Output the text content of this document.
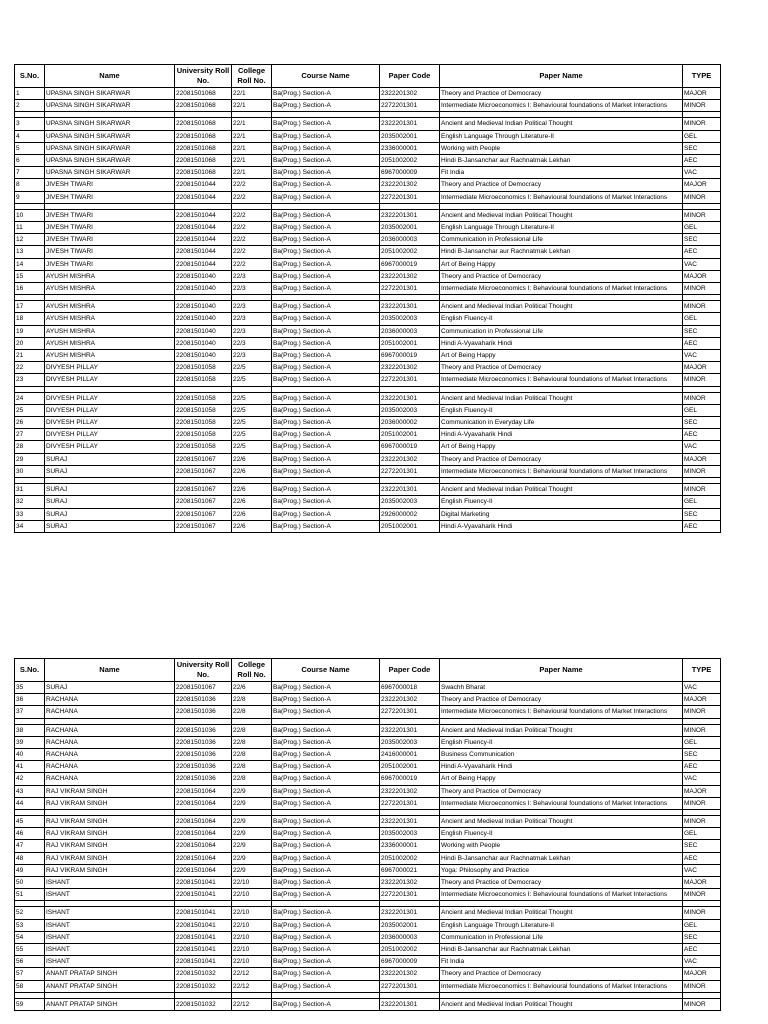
S.No.	Name	University Roll No.	College Roll No.	Course Name	Paper Code	Paper Name	TYPE
1	UPASNA SINGH SIKARWAR	22081501068	22/1	Ba(Prog.) Section-A	2322201302	Theory and Practice of Democracy	MAJOR
2	UPASNA SINGH SIKARWAR	22081501068	22/1	Ba(Prog.) Section-A	2272201301	Intermediate Microeconomics I: Behavioural foundations of Market Interactions	MINOR

3	UPASNA SINGH SIKARWAR	22081501068	22/1	Ba(Prog.) Section-A	2322201301	Ancient and Medieval Indian Political Thought	MINOR
4	UPASNA SINGH SIKARWAR	22081501068	22/1	Ba(Prog.) Section-A	2035002001	English Language Through Literature-II	GEL
5	UPASNA SINGH SIKARWAR	22081501068	22/1	Ba(Prog.) Section-A	2336000001	Working with People	SEC
6	UPASNA SINGH SIKARWAR	22081501068	22/1	Ba(Prog.) Section-A	2051002002	Hindi B-Jansanchar aur Rachnatmak Lekhan	AEC
7	UPASNA SINGH SIKARWAR	22081501068	22/1	Ba(Prog.) Section-A	6967000009	Fit India	VAC
8	JIVESH TIWARI	22081501044	22/2	Ba(Prog.) Section-A	2322201302	Theory and Practice of Democracy	MAJOR
9	JIVESH TIWARI	22081501044	22/2	Ba(Prog.) Section-A	2272201301	Intermediate Microeconomics I: Behavioural foundations of Market Interactions	MINOR

10	JIVESH TIWARI	22081501044	22/2	Ba(Prog.) Section-A	2322201301	Ancient and Medieval Indian Political Thought	MINOR
11	JIVESH TIWARI	22081501044	22/2	Ba(Prog.) Section-A	2035002001	English Language Through Literature-II	GEL
12	JIVESH TIWARI	22081501044	22/2	Ba(Prog.) Section-A	2036000003	Communication in Professional Life	SEC
13	JIVESH TIWARI	22081501044	22/2	Ba(Prog.) Section-A	2051002002	Hindi B-Jansanchar aur Rachnatmak Lekhan	AEC
14	JIVESH TIWARI	22081501044	22/2	Ba(Prog.) Section-A	6967000019	Art of Being Happy	VAC
15	AYUSH MISHRA	22081501040	22/3	Ba(Prog.) Section-A	2322201302	Theory and Practice of Democracy	MAJOR
16	AYUSH MISHRA	22081501040	22/3	Ba(Prog.) Section-A	2272201301	Intermediate Microeconomics I: Behavioural foundations of Market Interactions	MINOR

17	AYUSH MISHRA	22081501040	22/3	Ba(Prog.) Section-A	2322201301	Ancient and Medieval Indian Political Thought	MINOR
18	AYUSH MISHRA	22081501040	22/3	Ba(Prog.) Section-A	2035002003	English Fluency-II	GEL
19	AYUSH MISHRA	22081501040	22/3	Ba(Prog.) Section-A	2036000003	Communication in Professional Life	SEC
20	AYUSH MISHRA	22081501040	22/3	Ba(Prog.) Section-A	2051002001	Hindi A-Vyavaharik Hindi	AEC
21	AYUSH MISHRA	22081501040	22/3	Ba(Prog.) Section-A	6967000019	Art of Being Happy	VAC
22	DIVYESH PILLAY	22081501058	22/5	Ba(Prog.) Section-A	2322201302	Theory and Practice of Democracy	MAJOR
23	DIVYESH PILLAY	22081501058	22/5	Ba(Prog.) Section-A	2272201301	Intermediate Microeconomics I: Behavioural foundations of Market Interactions	MINOR

24	DIVYESH PILLAY	22081501058	22/5	Ba(Prog.) Section-A	2322201301	Ancient and Medieval Indian Political Thought	MINOR
25	DIVYESH PILLAY	22081501058	22/5	Ba(Prog.) Section-A	2035002003	English Fluency-II	GEL
26	DIVYESH PILLAY	22081501058	22/5	Ba(Prog.) Section-A	2036000002	Communication in Everyday Life	SEC
27	DIVYESH PILLAY	22081501058	22/5	Ba(Prog.) Section-A	2051002001	Hindi A-Vyavaharik Hindi	AEC
28	DIVYESH PILLAY	22081501058	22/5	Ba(Prog.) Section-A	6967000019	Art of Being Happy	VAC
29	SURAJ	22081501067	22/6	Ba(Prog.) Section-A	2322201302	Theory and Practice of Democracy	MAJOR
30	SURAJ	22081501067	22/6	Ba(Prog.) Section-A	2272201301	Intermediate Microeconomics I: Behavioural foundations of Market Interactions	MINOR

31	SURAJ	22081501067	22/6	Ba(Prog.) Section-A	2322201301	Ancient and Medieval Indian Political Thought	MINOR
32	SURAJ	22081501067	22/6	Ba(Prog.) Section-A	2035002003	English Fluency-II	GEL
33	SURAJ	22081501067	22/6	Ba(Prog.) Section-A	2926000002	Digital Marketing	SEC
34	SURAJ	22081501067	22/6	Ba(Prog.) Section-A	2051002001	Hindi A-Vyavaharik Hindi	AEC
S.No.	Name	University Roll No.	College Roll No.	Course Name	Paper Code	Paper Name	TYPE
35	SURAJ	22081501067	22/6	Ba(Prog.) Section-A	6967000018	Swachh Bharat	VAC
36	RACHANA	22081501036	22/8	Ba(Prog.) Section-A	2322201302	Theory and Practice of Democracy	MAJOR
37	RACHANA	22081501036	22/8	Ba(Prog.) Section-A	2272201301	Intermediate Microeconomics I: Behavioural foundations of Market Interactions	MINOR

38	RACHANA	22081501036	22/8	Ba(Prog.) Section-A	2322201301	Ancient and Medieval Indian Political Thought	MINOR
39	RACHANA	22081501036	22/8	Ba(Prog.) Section-A	2035002003	English Fluency-II	GEL
40	RACHANA	22081501036	22/8	Ba(Prog.) Section-A	2416000001	Business Communication	SEC
41	RACHANA	22081501036	22/8	Ba(Prog.) Section-A	2051002001	Hindi A-Vyavaharik Hindi	AEC
42	RACHANA	22081501036	22/8	Ba(Prog.) Section-A	6967000019	Art of Being Happy	VAC
43	RAJ VIKRAM SINGH	22081501064	22/9	Ba(Prog.) Section-A	2322201302	Theory and Practice of Democracy	MAJOR
44	RAJ VIKRAM SINGH	22081501064	22/9	Ba(Prog.) Section-A	2272201301	Intermediate Microeconomics I: Behavioural foundations of Market Interactions	MINOR

45	RAJ VIKRAM SINGH	22081501064	22/9	Ba(Prog.) Section-A	2322201301	Ancient and Medieval Indian Political Thought	MINOR
46	RAJ VIKRAM SINGH	22081501064	22/9	Ba(Prog.) Section-A	2035002003	English Fluency-II	GEL
47	RAJ VIKRAM SINGH	22081501064	22/9	Ba(Prog.) Section-A	2336000001	Working with People	SEC
48	RAJ VIKRAM SINGH	22081501064	22/9	Ba(Prog.) Section-A	2051002002	Hindi B-Jansanchar aur Rachnatmak Lekhan	AEC
49	RAJ VIKRAM SINGH	22081501064	22/9	Ba(Prog.) Section-A	6967000021	Yoga: Philosophy and Practice	VAC
50	ISHANT	22081501041	22/10	Ba(Prog.) Section-A	2322201302	Theory and Practice of Democracy	MAJOR
51	ISHANT	22081501041	22/10	Ba(Prog.) Section-A	2272201301	Intermediate Microeconomics I: Behavioural foundations of Market Interactions	MINOR

52	ISHANT	22081501041	22/10	Ba(Prog.) Section-A	2322201301	Ancient and Medieval Indian Political Thought	MINOR
53	ISHANT	22081501041	22/10	Ba(Prog.) Section-A	2035002001	English Language Through Literature-II	GEL
54	ISHANT	22081501041	22/10	Ba(Prog.) Section-A	2036000003	Communication in Professional Life	SEC
55	ISHANT	22081501041	22/10	Ba(Prog.) Section-A	2051002002	Hindi B-Jansanchar aur Rachnatmak Lekhan	AEC
56	ISHANT	22081501041	22/10	Ba(Prog.) Section-A	6967000009	Fit India	VAC
57	ANANT PRATAP SINGH	22081501032	22/12	Ba(Prog.) Section-A	2322201302	Theory and Practice of Democracy	MAJOR
58	ANANT PRATAP SINGH	22081501032	22/12	Ba(Prog.) Section-A	2272201301	Intermediate Microeconomics I: Behavioural foundations of Market Interactions	MINOR

59	ANANT PRATAP SINGH	22081501032	22/12	Ba(Prog.) Section-A	2322201301	Ancient and Medieval Indian Political Thought	MINOR
